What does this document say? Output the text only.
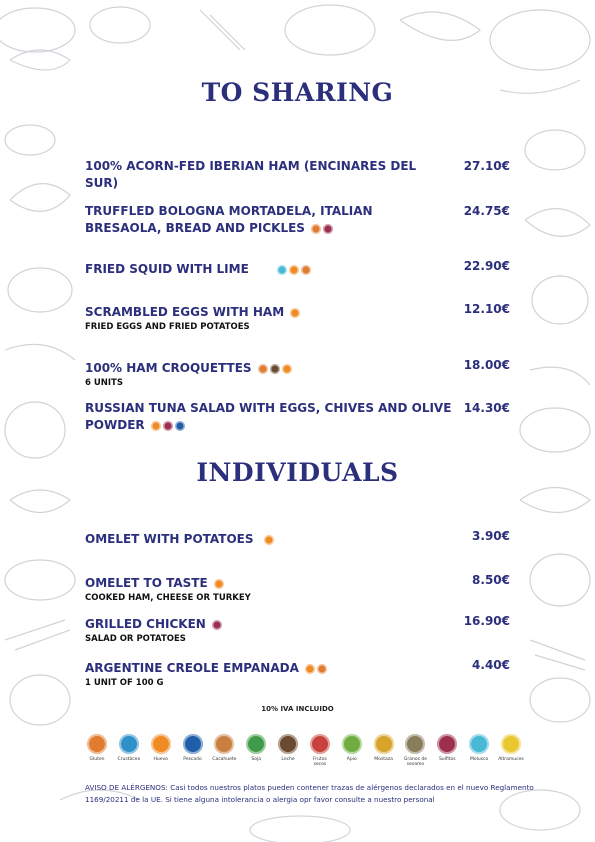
TO SHARING
100% ACORN-FED IBERIAN HAM (ENCINARES DEL SUR)
27.10€
TRUFFLED BOLOGNA MORTADELA, ITALIAN BRESAOLA, BREAD AND PICKLES
24.75€
FRIED SQUID WITH LIME	22.90€
SCRAMBLED EGGS WITH HAM	12.10€
FRIED EGGS AND FRIED POTATOES
100% HAM CROQUETTES	18.00€
6 UNITS
RUSSIAN TUNA SALAD WITH EGGS, CHIVES AND OLIVE POWDER
14.30€
INDIVIDUALS
OMELET WITH POTATOES	3.90€
OMELET TO TASTE	8.50€
COOKED HAM, CHEESE OR TURKEY
GRILLED CHICKEN	16.90€
SALAD OR POTATOES
ARGENTINE CREOLE EMPANADA	4.40€
1 UNIT OF 100 G
10% IVA INCLUIDO
Gluten	Crustáceo	Huevo	Pescado Cacahuete	Soja	Leche	Frutos secos
Apio	Mostaza	Granos de sesamo
Sulfitos	Molusco Altramuces
AVISO DE ALÉRGENOS: Casi todos nuestros platos pueden contener trazas de alérgenos declarados en el nuevo Reglamento 1169/20211 de la UE. Si tiene alguna intolerancia o alergia opr favor consulte a nuestro personal
